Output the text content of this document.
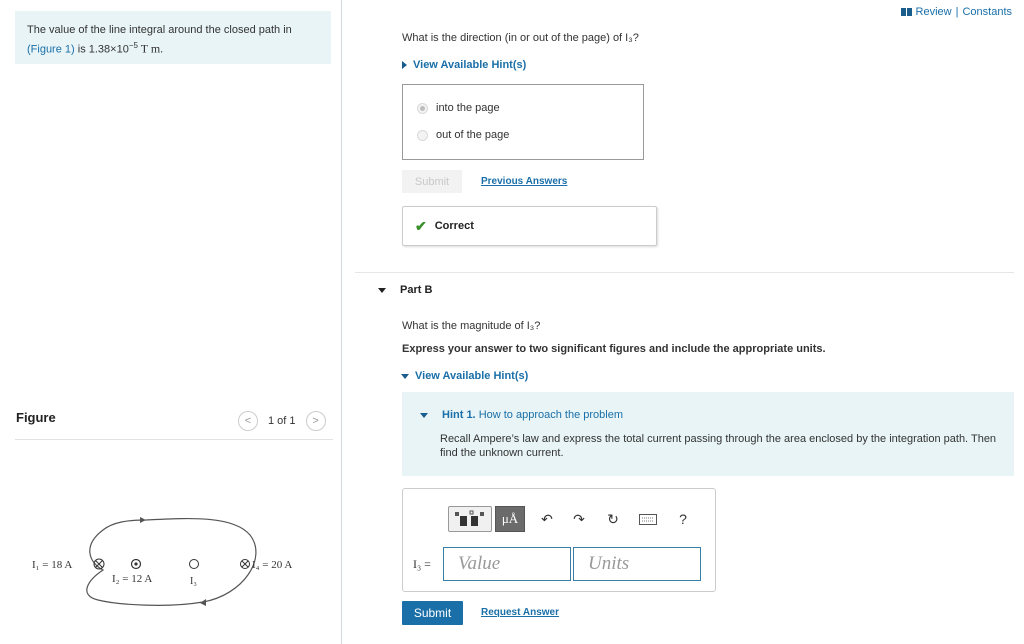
The value of the line integral around the closed path in
(Figure 1) is $1.38\times 10^{-5}$ T m.
Figure	<	1 of 1	>
I₁ = 18 A
I₂ = 12 A	I₃
I₄ = 20 A
Review | Constants
What is the direction (in or out of the page) of I₃?
View Available Hint(s)
into the page
out of the page
Submit	Previous Answers
✔ Correct
Part B
What is the magnitude of I₃?
Express your answer to two significant figures and include the appropriate units.
View Available Hint(s)
Hint 1. How to approach the problem
Recall Ampere’s law and express the total current passing through the area enclosed by the integration path. Then find the unknown current.
μÅ ↶ ↷ ↻	?
I₃ =	Value	Units
Submit	Request Answer
